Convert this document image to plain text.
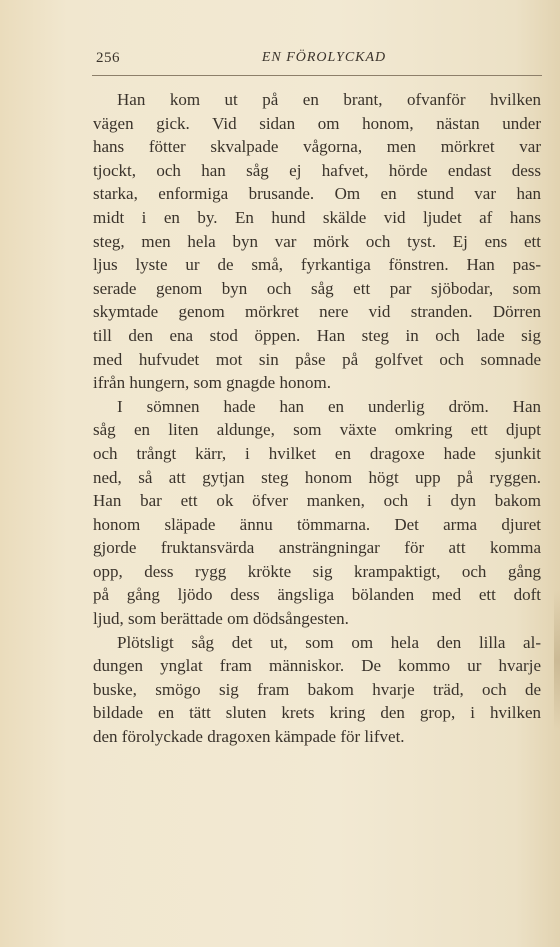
256	EN FÖROLYCKAD
Han kom ut på en brant, ofvanför hvilken
vägen gick. Vid sidan om honom, nästan under
hans fötter skvalpade vågorna, men mörkret var
tjockt, och han såg ej hafvet, hörde endast dess
starka, enformiga brusande. Om en stund var han
midt i en by. En hund skälde vid ljudet af hans
steg, men hela byn var mörk och tyst. Ej ens ett
ljus lyste ur de små, fyrkantiga fönstren. Han pas-
serade genom byn och såg ett par sjöbodar, som
skymtade genom mörkret nere vid stranden. Dörren
till den ena stod öppen. Han steg in och lade sig
med hufvudet mot sin påse på golfvet och somnade
ifrån hungern, som gnagde honom.
I sömnen hade han en underlig dröm. Han
såg en liten aldunge, som växte omkring ett djupt
och trångt kärr, i hvilket en dragoxe hade sjunkit
ned, så att gytjan steg honom högt upp på ryggen.
Han bar ett ok öfver manken, och i dyn bakom
honom släpade ännu tömmarna. Det arma djuret
gjorde fruktansvärda ansträngningar för att komma
opp, dess rygg krökte sig krampaktigt, och gång
på gång ljödo dess ängsliga bölanden med ett doft
ljud, som berättade om dödsångesten.
Plötsligt såg det ut, som om hela den lilla al-
dungen ynglat fram människor. De kommo ur hvarje
buske, smögo sig fram bakom hvarje träd, och de
bildade en tätt sluten krets kring den grop, i hvilken
den förolyckade dragoxen kämpade för lifvet.
